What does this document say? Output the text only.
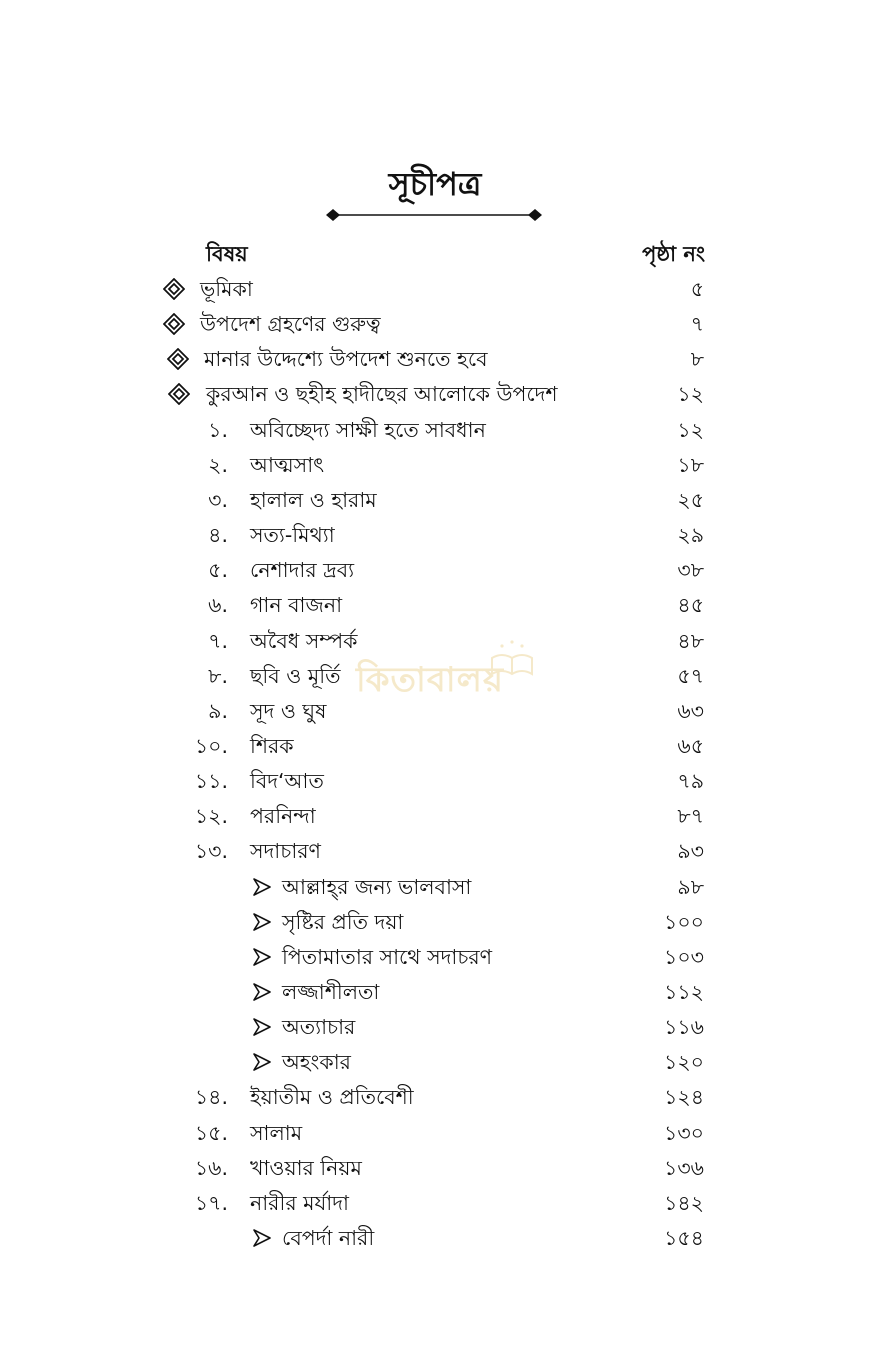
সূচীপত্র
বিষয়	পৃষ্ঠা নং
ভূমিকা	৫
উপদেশ গ্রহণের গুরুত্ব	৭
মানার উদ্দেশ্যে উপদেশ শুনতে হবে	৮
কুরআন ও ছহীহ হাদীছের আলোকে উপদেশ	১২
১. অবিচ্ছেদ্য সাক্ষী হতে সাবধান	১২
২. আত্মসাৎ	১৮
৩. হালাল ও হারাম	২৫
৪. সত্য-মিথ্যা	২৯
৫. নেশাদার দ্রব্য	৩৮
৬. গান বাজনা	৪৫
৭. অবৈধ সম্পর্ক	৪৮
৮. ছবি ও মূর্তি	৫৭
৯. সূদ ও ঘুষ	৬৩
১০. শিরক	৬৫
১১. বিদ‘আত	৭৯
১২. পরনিন্দা	৮৭
১৩. সদাচারণ	৯৩
আল্লাহ্‌র জন্য ভালবাসা	৯৮
সৃষ্টির প্রতি দয়া	১০০
পিতামাতার সাথে সদাচরণ	১০৩
লজ্জাশীলতা	১১২
অত্যাচার	১১৬
অহংকার	১২০
১৪. ইয়াতীম ও প্রতিবেশী	১২৪
১৫. সালাম	১৩০
১৬. খাওয়ার নিয়ম	১৩৬
১৭. নারীর মর্যাদা	১৪২
বেপর্দা নারী	১৫৪
কিতাবালয়
